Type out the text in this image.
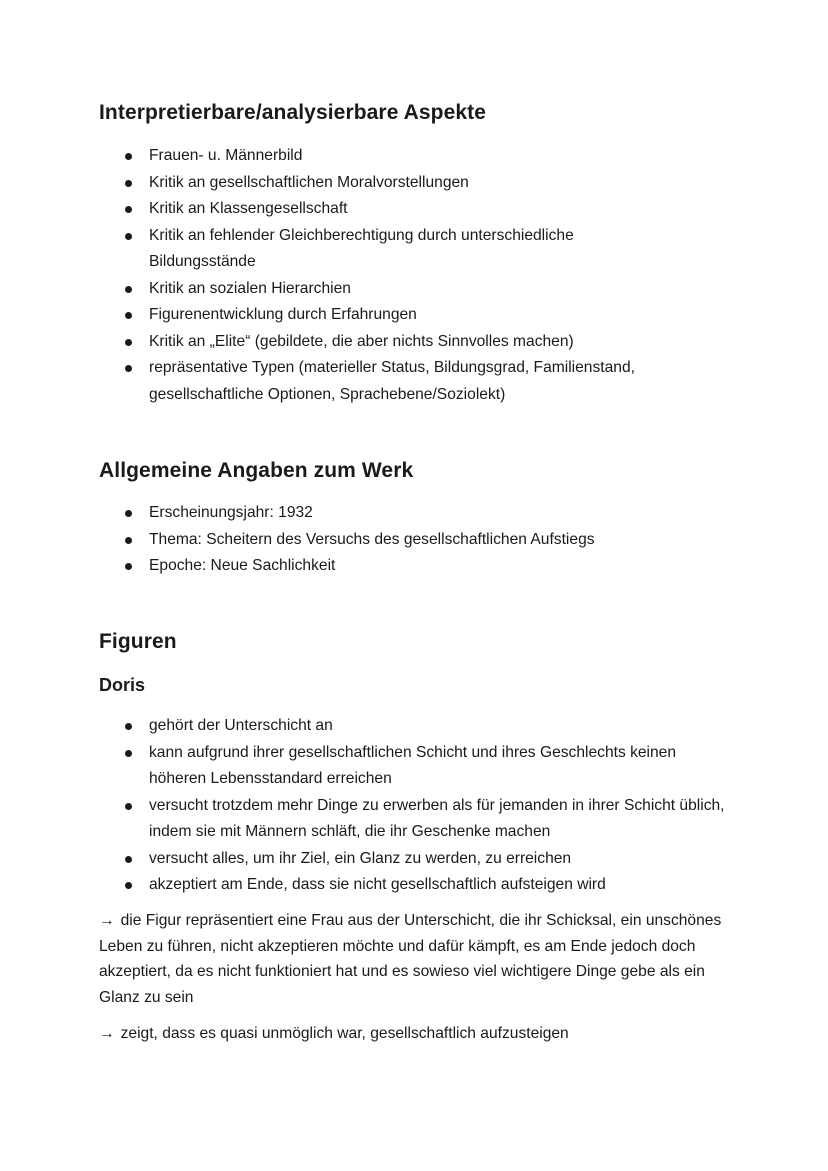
Interpretierbare/analysierbare Aspekte
Frauen- u. Männerbild
Kritik an gesellschaftlichen Moralvorstellungen
Kritik an Klassengesellschaft
Kritik an fehlender Gleichberechtigung durch unterschiedliche Bildungsstände
Kritik an sozialen Hierarchien
Figurenentwicklung durch Erfahrungen
Kritik an „Elite“ (gebildete, die aber nichts Sinnvolles machen)
repräsentative Typen (materieller Status, Bildungsgrad, Familienstand, gesellschaftliche Optionen, Sprachebene/Soziolekt)
Allgemeine Angaben zum Werk
Erscheinungsjahr: 1932
Thema: Scheitern des Versuchs des gesellschaftlichen Aufstiegs
Epoche: Neue Sachlichkeit
Figuren
Doris
gehört der Unterschicht an
kann aufgrund ihrer gesellschaftlichen Schicht und ihres Geschlechts keinen höheren Lebensstandard erreichen
versucht trotzdem mehr Dinge zu erwerben als für jemanden in ihrer Schicht üblich, indem sie mit Männern schläft, die ihr Geschenke machen
versucht alles, um ihr Ziel, ein Glanz zu werden, zu erreichen
akzeptiert am Ende, dass sie nicht gesellschaftlich aufsteigen wird

→ die Figur repräsentiert eine Frau aus der Unterschicht, die ihr Schicksal, ein unschönes Leben zu führen, nicht akzeptieren möchte und dafür kämpft, es am Ende jedoch doch akzeptiert, da es nicht funktioniert hat und es sowieso viel wichtigere Dinge gebe als ein Glanz zu sein

→ zeigt, dass es quasi unmöglich war, gesellschaftlich aufzusteigen
